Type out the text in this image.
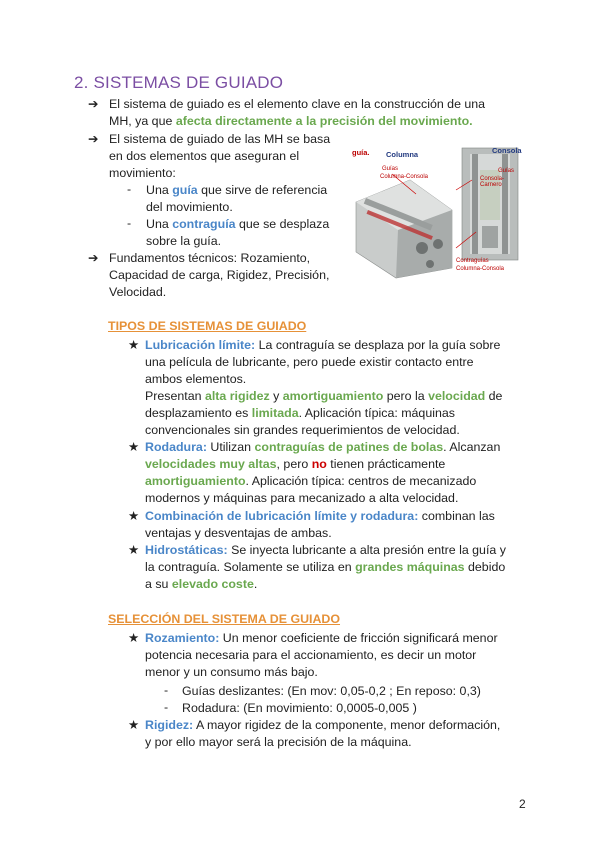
2. SISTEMAS DE GUIADO
➔ El sistema de guiado es el elemento clave en la construcción de una
MH, ya que afecta directamente a la precisión del movimiento.
➔ El sistema de guiado de las MH se basa
en dos elementos que aseguran el
movimiento:
- Una guía que sirve de referencia
del movimiento.
- Una contraguía que se desplaza
sobre la guía.
➔ Fundamentos técnicos: Rozamiento,
Capacidad de carga, Rigidez, Precisión,
Velocidad.
guía. Columna	Consola
Guías
Columna-Consola
Guías
Consola-Carnero
Contraguías
Columna-Consola
TIPOS DE SISTEMAS DE GUIADO
★ Lubricación límite: La contraguía se desplaza por la guía sobre
una película de lubricante, pero puede existir contacto entre
ambos elementos.
Presentan alta rigidez y amortiguamiento pero la velocidad de
desplazamiento es limitada. Aplicación típica: máquinas
convencionales sin grandes requerimientos de velocidad.
★ Rodadura: Utilizan contraguías de patines de bolas. Alcanzan
velocidades muy altas, pero no tienen prácticamente
amortiguamiento. Aplicación típica: centros de mecanizado
modernos y máquinas para mecanizado a alta velocidad.
★ Combinación de lubricación límite y rodadura: combinan las
ventajas y desventajas de ambas.
★ Hidrostáticas: Se inyecta lubricante a alta presión entre la guía y
la contraguía. Solamente se utiliza en grandes máquinas debido
a su elevado coste.
SELECCIÓN DEL SISTEMA DE GUIADO
★ Rozamiento: Un menor coeficiente de fricción significará menor
potencia necesaria para el accionamiento, es decir un motor
menor y un consumo más bajo.
- Guías deslizantes: (En mov: 0,05-0,2 ; En reposo: 0,3)
- Rodadura: (En movimiento: 0,0005-0,005 )
★ Rigidez: A mayor rigidez de la componente, menor deformación,
y por ello mayor será la precisión de la máquina.
2
